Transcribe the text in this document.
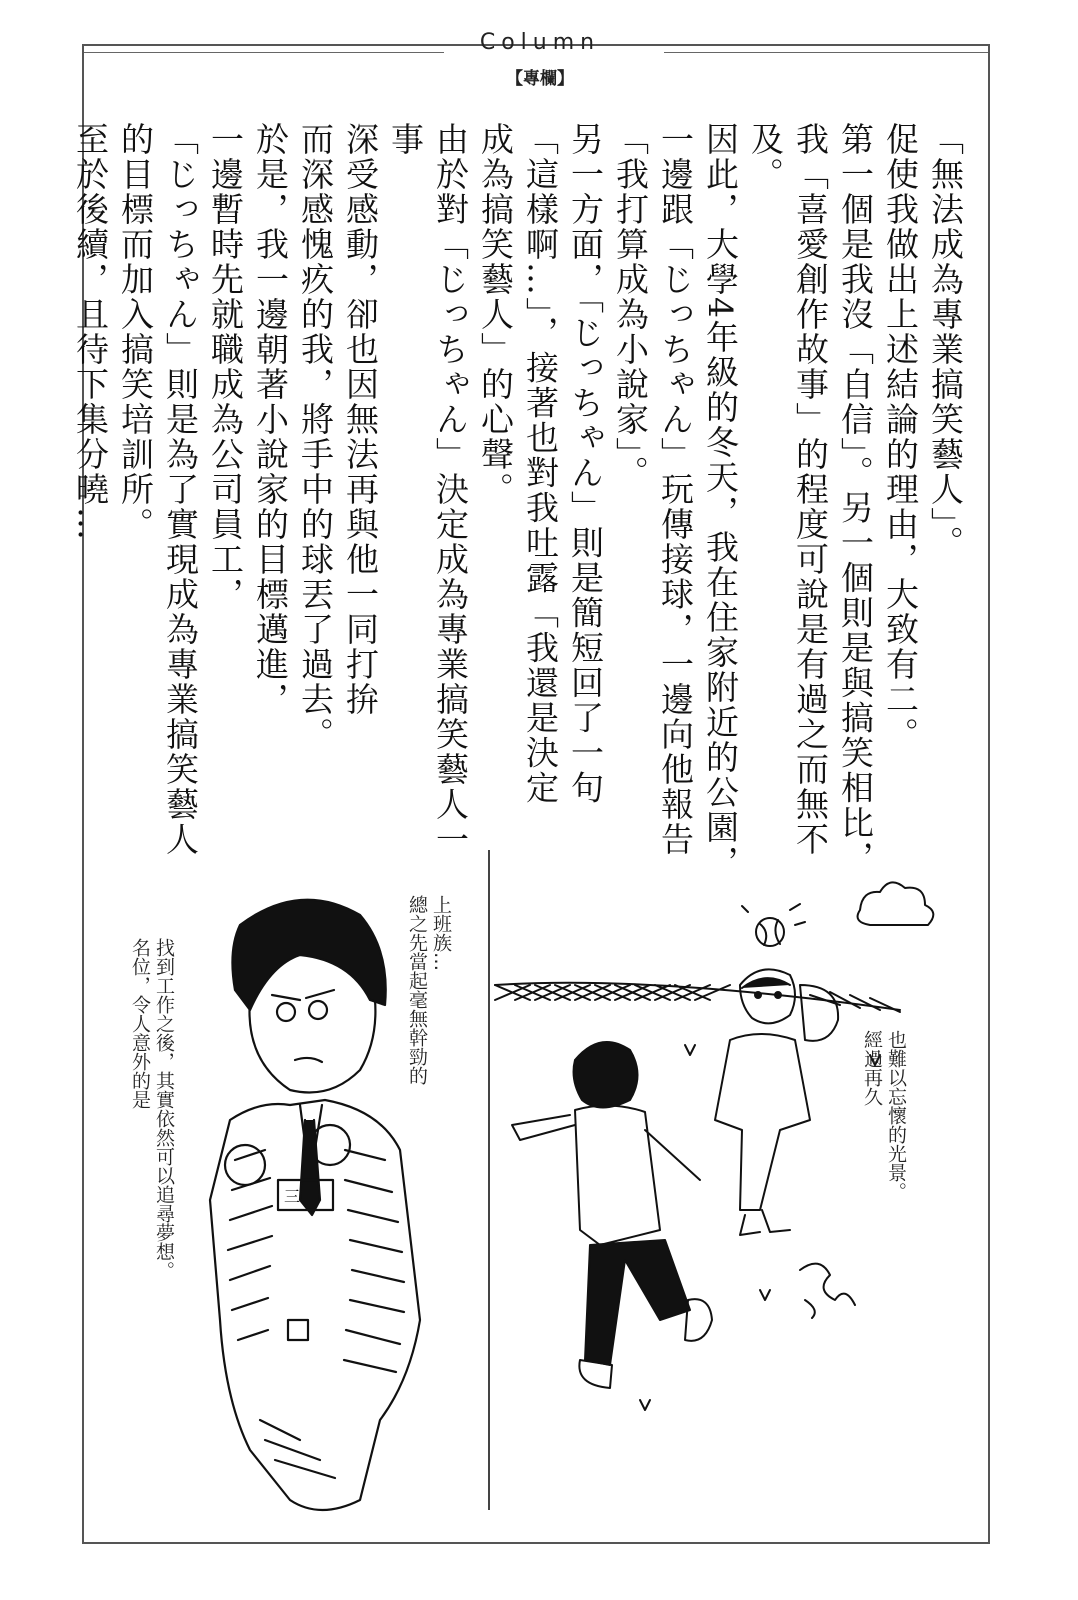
Column
【專欄】

「無法成為專業搞笑藝人」。

促使我做出上述結論的理由，大致有二。

第一個是我沒「自信」。另一個則是與搞笑相比，

我「喜愛創作故事」的程度可說是有過之而無不及。

因此，大學4年級的冬天，我在住家附近的公園，

一邊跟「じっちゃん」玩傳接球，一邊向他報告

「我打算成為小說家」。

另一方面，「じっちゃん」則是簡短回了一句

「這樣啊…」，接著也對我吐露「我還是決定

成為搞笑藝人」的心聲。

由於對「じっちゃん」決定成為專業搞笑藝人一事

深受感動，卻也因無法再與他一同打拚

而深感愧疚的我，將手中的球丟了過去。

於是，我一邊朝著小說家的目標邁進，

一邊暫時先就職成為公司員工，

「じっちゃん」則是為了實現成為專業搞笑藝人

的目標而加入搞笑培訓所。

至於後續，且待下集分曉…

三
找到工作之後，其實依然可以追尋夢想。
名位，令人意外的是
上班族…
總之先當起毫無幹勁的
也難以忘懷的光景。
經過再久
